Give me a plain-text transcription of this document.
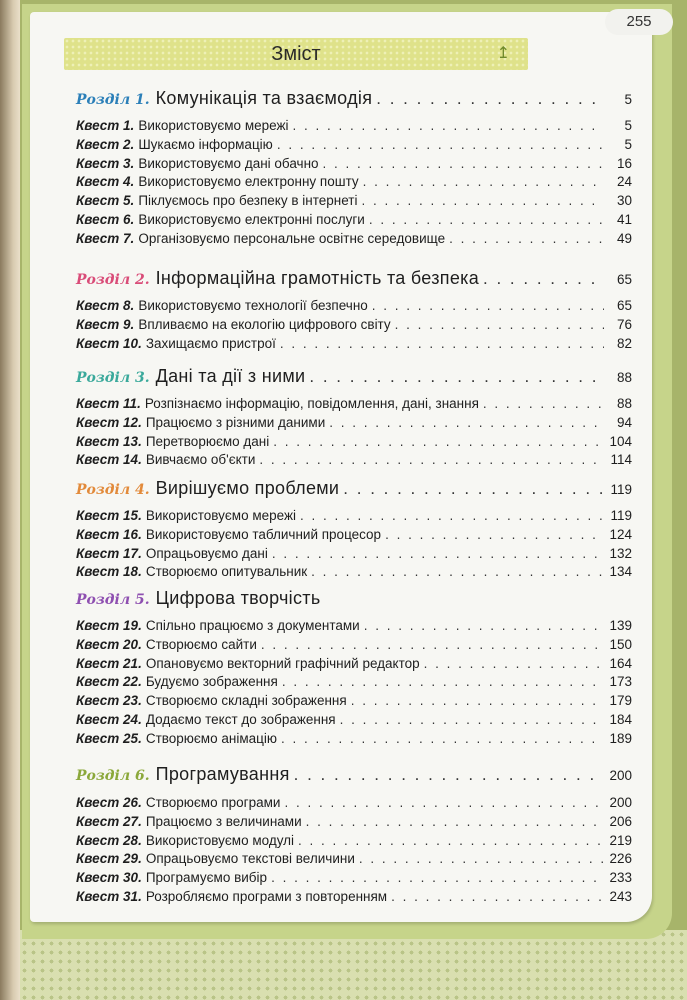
Розділ 1. Комунікація та взаємодія . . .	5
Квест 1. Використовуємо мережі . . .	5
Квест 2. Шукаємо інформацію . . .	5
Квест 3. Використовуємо дані обачно . . .	16
Квест 4. Використовуємо електронну пошту . . .	24
Квест 5. Піклуємось про безпеку в інтернеті . . .	30
Квест 6. Використовуємо електронні послуги . . .	41
Квест 7. Організовуємо персональне освітнє середовище . . .	49
Розділ 2. Інформаційна грамотність та безпека . . .	65
Квест 8. Використовуємо технології безпечно . . .	65
Квест 9. Впливаємо на екологію цифрового світу . . .	76
Квест 10. Захищаємо пристрої . . .	82
Розділ 3. Дані та дії з ними . . .	88
Квест 11. Розпізнаємо інформацію, повідомлення, дані, знання . . .	88
Квест 12. Працюємо з різними даними . . .	94
Квест 13. Перетворюємо дані . . .	104
Квест 14. Вивчаємо об'єкти . . .	114
Розділ 4. Вирішуємо проблеми . . .	119
Квест 15. Використовуємо мережі . . .	119
Квест 16. Використовуємо табличний процесор . . .	124
Квест 17. Опрацьовуємо дані . . .	132
Квест 18. Створюємо опитувальник . . .	134
Розділ 5. Цифрова творчість
Квест 19. Спільно працюємо з документами . . .	139
Квест 20. Створюємо сайти . . .	150
Квест 21. Опановуємо векторний графічний редактор . . .	164
Квест 22. Будуємо зображення . . .	173
Квест 23. Створюємо складні зображення . . .	179
Квест 24. Додаємо текст до зображення . . .	184
Квест 25. Створюємо анімацію . . .	189
Розділ 6. Програмування . . .	200
Квест 26. Створюємо програми . . .	200
Квест 27. Працюємо з величинами . . .	206
Квест 28. Використовуємо модулі . . .	219
Квест 29. Опрацьовуємо текстові величини . . .	226
Квест 30. Програмуємо вибір . . .	233
Квест 31. Розробляємо програми з повторенням . . .	243
255
Зміст	↥
